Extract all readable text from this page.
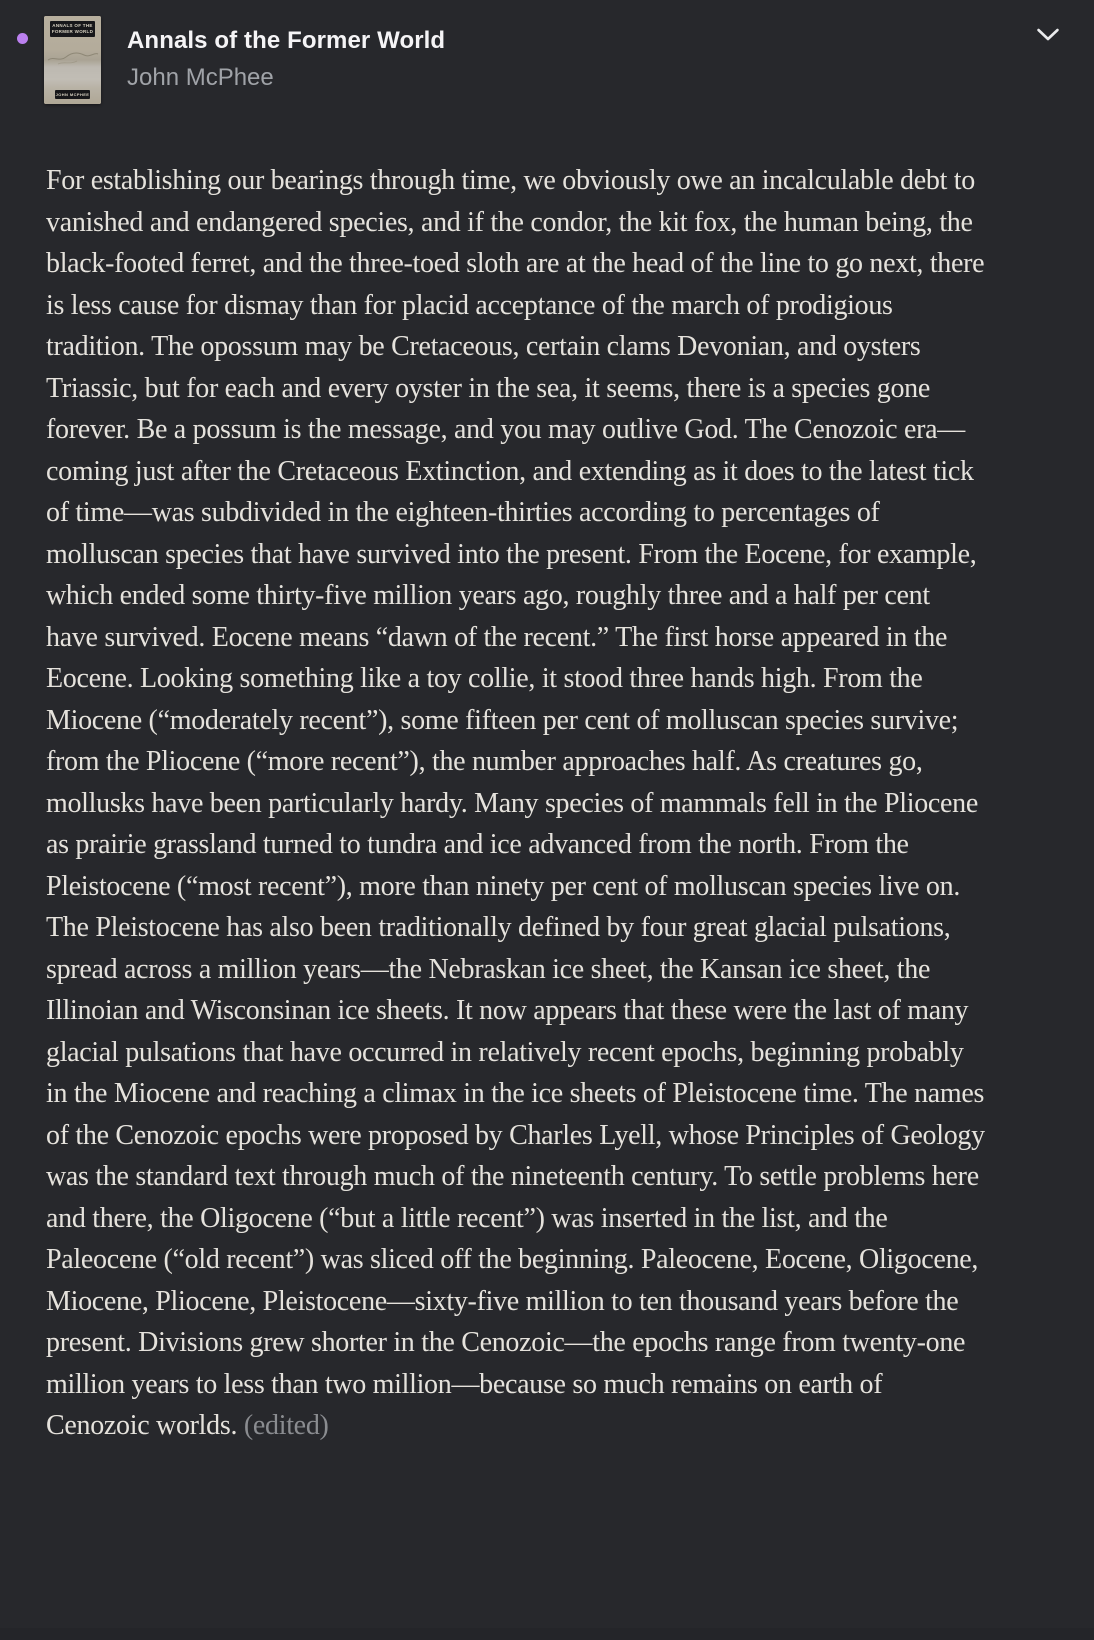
ANNALS OF THE FORMER WORLD
JOHN MCPHEE
Annals of the Former World
John McPhee

For establishing our bearings through time, we obviously owe an incalculable debt to vanished and endangered species, and if the condor, the kit fox, the human being, the black-footed ferret, and the three-toed sloth are at the head of the line to go next, there is less cause for dismay than for placid acceptance of the march of prodigious tradition. The opossum may be Cretaceous, certain clams Devonian, and oysters Triassic, but for each and every oyster in the sea, it seems, there is a species gone forever. Be a possum is the message, and you may outlive God. The Cenozoic era—coming just after the Cretaceous Extinction, and extending as it does to the latest tick of time—was subdivided in the eighteen-thirties according to percentages of molluscan species that have survived into the present. From the Eocene, for example, which ended some thirty-five million years ago, roughly three and a half per cent have survived. Eocene means “dawn of the recent.” The first horse appeared in the Eocene. Looking something like a toy collie, it stood three hands high. From the Miocene (“moderately recent”), some fifteen per cent of molluscan species survive; from the Pliocene (“more recent”), the number approaches half. As creatures go, mollusks have been particularly hardy. Many species of mammals fell in the Pliocene as prairie grassland turned to tundra and ice advanced from the north. From the Pleistocene (“most recent”), more than ninety per cent of molluscan species live on. The Pleistocene has also been traditionally defined by four great glacial pulsations, spread across a million years—the Nebraskan ice sheet, the Kansan ice sheet, the Illinoian and Wisconsinan ice sheets. It now appears that these were the last of many glacial pulsations that have occurred in relatively recent epochs, beginning probably in the Miocene and reaching a climax in the ice sheets of Pleistocene time. The names of the Cenozoic epochs were proposed by Charles Lyell, whose Principles of Geology was the standard text through much of the nineteenth century. To settle problems here and there, the Oligocene (“but a little recent”) was inserted in the list, and the Paleocene (“old recent”) was sliced off the beginning. Paleocene, Eocene, Oligocene, Miocene, Pliocene, Pleistocene—sixty-five million to ten thousand years before the present. Divisions grew shorter in the Cenozoic—the epochs range from twenty-one million years to less than two million—because so much remains on earth of Cenozoic worlds. (edited)
